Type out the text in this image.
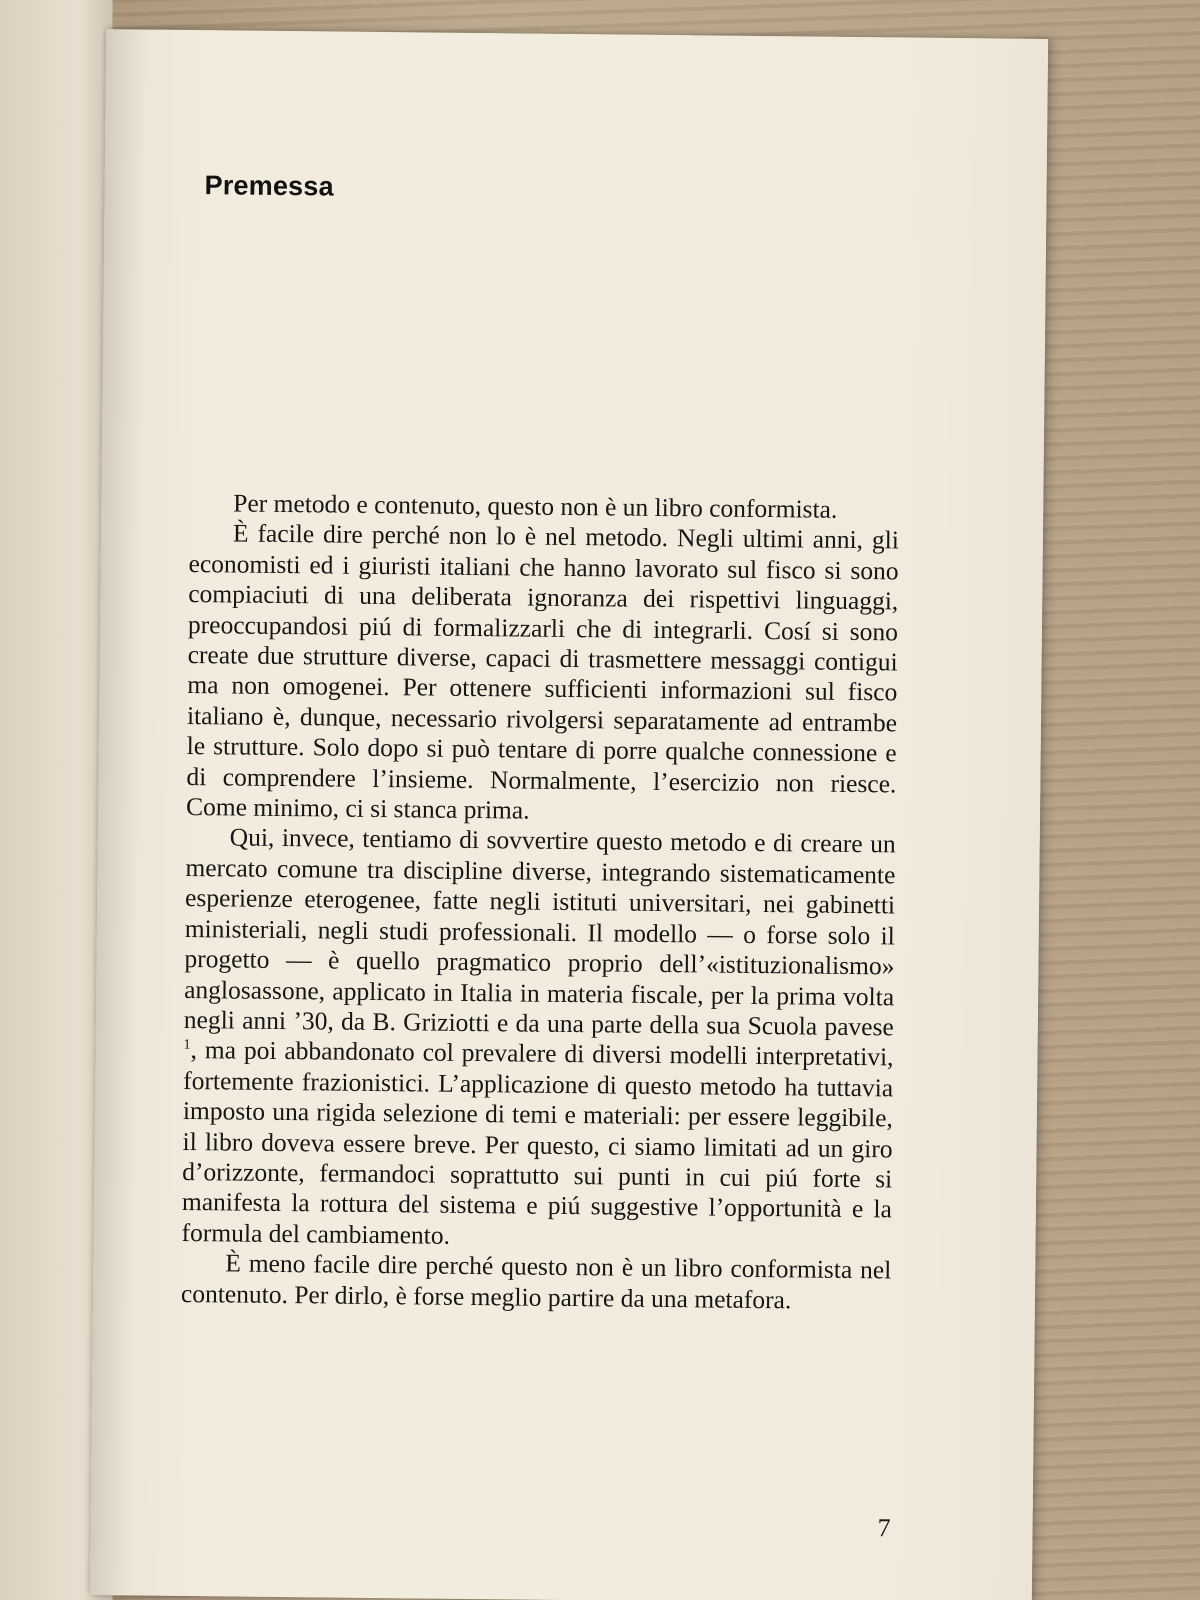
Premessa

Per metodo e contenuto, questo non è un libro conformista.

È facile dire perché non lo è nel metodo. Negli ultimi anni, gli economisti ed i giuristi italiani che hanno lavorato sul fisco si sono compiaciuti di una deliberata ignoranza dei rispettivi linguaggi, preoccupandosi piú di formalizzarli che di integrarli. Cosí si sono create due strutture diverse, capaci di trasmettere messaggi contigui ma non omogenei. Per ottenere sufficienti informazioni sul fisco italiano è, dunque, necessario rivolgersi separatamente ad entrambe le strutture. Solo dopo si può tentare di porre qualche connessione e di comprendere l’insieme. Normalmente, l’esercizio non riesce. Come minimo, ci si stanca prima.

Qui, invece, tentiamo di sovvertire questo metodo e di creare un mercato comune tra discipline diverse, integrando sistematicamente esperienze eterogenee, fatte negli istituti universitari, nei gabinetti ministeriali, negli studi professionali. Il modello — o forse solo il progetto — è quello pragmatico proprio dell’«istituzionalismo» anglosassone, applicato in Italia in materia fiscale, per la prima volta negli anni ’30, da B. Griziotti e da una parte della sua Scuola pavese $^1$, ma poi abbandonato col prevalere di diversi modelli interpretativi, fortemente frazionistici. L’applicazione di questo metodo ha tuttavia imposto una rigida selezione di temi e materiali: per essere leggibile, il libro doveva essere breve. Per questo, ci siamo limitati ad un giro d’orizzonte, fermandoci soprattutto sui punti in cui piú forte si manifesta la rottura del sistema e piú suggestive l’opportunità e la formula del cambiamento.

È meno facile dire perché questo non è un libro conformista nel contenuto. Per dirlo, è forse meglio partire da una metafora.

7
